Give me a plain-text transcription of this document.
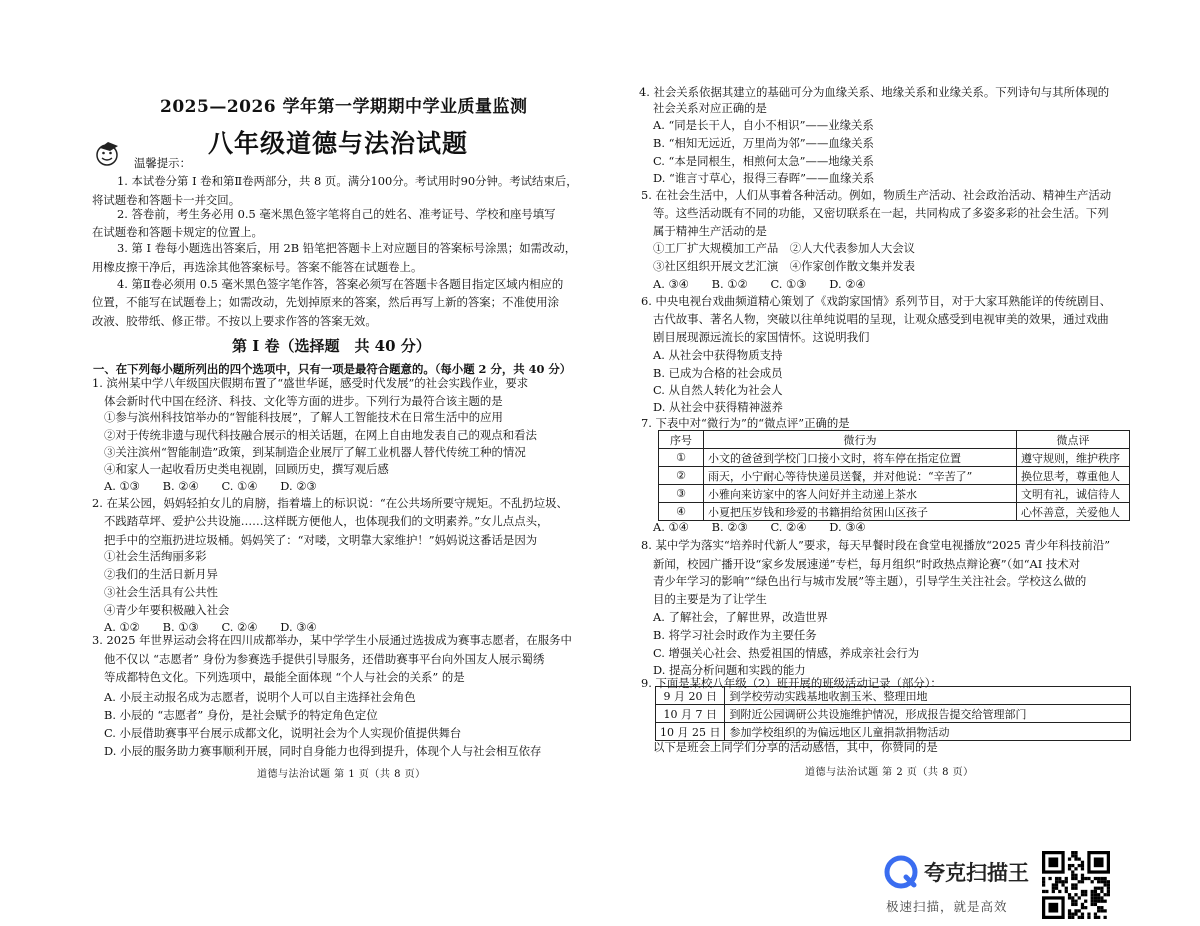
2025—2026 学年第一学期期中学业质量监测
八年级道德与法治试题
温馨提示：
1. 本试卷分第 I 卷和第Ⅱ卷两部分，共 8 页。满分100分。考试用时90分钟。考试结束后，
将试题卷和答题卡一并交回。
2. 答卷前，考生务必用 0.5 毫米黑色签字笔将自己的姓名、准考证号、学校和座号填写
在试题卷和答题卡规定的位置上。
3. 第 I 卷每小题选出答案后，用 2B 铅笔把答题卡上对应题目的答案标号涂黑；如需改动，
用橡皮擦干净后，再选涂其他答案标号。答案不能答在试题卷上。
4. 第Ⅱ卷必须用 0.5 毫米黑色签字笔作答，答案必须写在答题卡各题目指定区域内相应的
位置，不能写在试题卷上；如需改动，先划掉原来的答案，然后再写上新的答案；不准使用涂
改液、胶带纸、修正带。不按以上要求作答的答案无效。
第 I 卷（选择题　共 40 分）
一、在下列每小题所列出的四个选项中，只有一项是最符合题意的。（每小题 2 分，共 40 分）
1. 滨州某中学八年级国庆假期布置了“盛世华诞，感受时代发展”的社会实践作业，要求
体会新时代中国在经济、科技、文化等方面的进步。下列行为最符合该主题的是
①参与滨州科技馆举办的“智能科技展”，了解人工智能技术在日常生活中的应用
②对于传统非遗与现代科技融合展示的相关话题，在网上自由地发表自己的观点和看法
③关注滨州“智能制造”政策，到某制造企业展厅了解工业机器人替代传统工种的情况
④和家人一起收看历史类电视剧，回顾历史，撰写观后感
A. ①③　　B. ②④　　C. ①④　　D. ②③
2. 在某公园，妈妈轻拍女儿的肩膀，指着墙上的标识说：“在公共场所要守规矩。不乱扔垃圾、
不践踏草坪、爱护公共设施……这样既方便他人，也体现我们的文明素养。”女儿点点头，
把手中的空瓶扔进垃圾桶。妈妈笑了：“对喽，文明靠大家维护！”妈妈说这番话是因为
①社会生活绚丽多彩
②我们的生活日新月异
③社会生活具有公共性
④青少年要积极融入社会
A. ①②　　B. ①③　　C. ②④　　D. ③④
3. 2025 年世界运动会将在四川成都举办，某中学学生小辰通过选拔成为赛事志愿者，在服务中
他不仅以 “志愿者” 身份为参赛选手提供引导服务，还借助赛事平台向外国友人展示蜀绣
等成都特色文化。下列选项中，最能全面体现 “个人与社会的关系” 的是
A. 小辰主动报名成为志愿者，说明个人可以自主选择社会角色
B. 小辰的 “志愿者” 身份，是社会赋予的特定角色定位
C. 小辰借助赛事平台展示成都文化，说明社会为个人实现价值提供舞台
D. 小辰的服务助力赛事顺利开展，同时自身能力也得到提升，体现个人与社会相互依存
道德与法治试题 第 1 页（共 8 页）
4. 社会关系依据其建立的基础可分为血缘关系、地缘关系和业缘关系。下列诗句与其所体现的
社会关系对应正确的是
A. “同是长干人，自小不相识”——业缘关系
B. “相知无远近，万里尚为邻”——血缘关系
C. “本是同根生，相煎何太急”——地缘关系
D. “谁言寸草心，报得三春晖”——血缘关系
5. 在社会生活中，人们从事着各种活动。例如，物质生产活动、社会政治活动、精神生产活动
等。这些活动既有不同的功能，又密切联系在一起，共同构成了多姿多彩的社会生活。下列
属于精神生产活动的是
①工厂扩大规模加工产品　②人大代表参加人大会议
③社区组织开展文艺汇演　④作家创作散文集并发表
A. ③④　　B. ①②　　C. ①③　　D. ②④
6. 中央电视台戏曲频道精心策划了《戏韵家国情》系列节目，对于大家耳熟能详的传统剧目、
古代故事、著名人物，突破以往单纯说唱的呈现，让观众感受到电视审美的效果，通过戏曲
剧目展现源远流长的家国情怀。这说明我们
A. 从社会中获得物质支持
B. 已成为合格的社会成员
C. 从自然人转化为社会人
D. 从社会中获得精神滋养
7. 下表中对“微行为”的“微点评”正确的是
序号	微行为	微点评
①	小文的爸爸到学校门口接小文时，将车停在指定位置	遵守规则，维护秩序
②	雨天，小宁耐心等待快递员送餐，并对他说：“辛苦了”	换位思考，尊重他人
③	小雅向来访家中的客人问好并主动递上茶水	文明有礼，诚信待人
④	小夏把压岁钱和珍爱的书籍捐给贫困山区孩子	心怀善意，关爱他人
A. ①④　　B. ②③　　C. ②④　　D. ③④
8. 某中学为落实“培养时代新人”要求，每天早餐时段在食堂电视播放“2025 青少年科技前沿”
新闻，校园广播开设“家乡发展速递”专栏，每月组织“时政热点辩论赛”（如“AI 技术对
青少年学习的影响”“绿色出行与城市发展”等主题），引导学生关注社会。学校这么做的
目的主要是为了让学生
A. 了解社会，了解世界，改造世界
B. 将学习社会时政作为主要任务
C. 增强关心社会、热爱祖国的情感，养成亲社会行为
D. 提高分析问题和实践的能力
9. 下面是某校八年级（2）班开展的班级活动记录（部分）：
9 月 20 日	到学校劳动实践基地收割玉米、整理田地
10 月 7 日	到附近公园调研公共设施维护情况，形成报告提交给管理部门
10 月 25 日	参加学校组织的为偏远地区儿童捐款捐物活动
以下是班会上同学们分享的活动感悟，其中，你赞同的是
道德与法治试题 第 2 页（共 8 页）
夸克扫描王
极速扫描，就是高效
